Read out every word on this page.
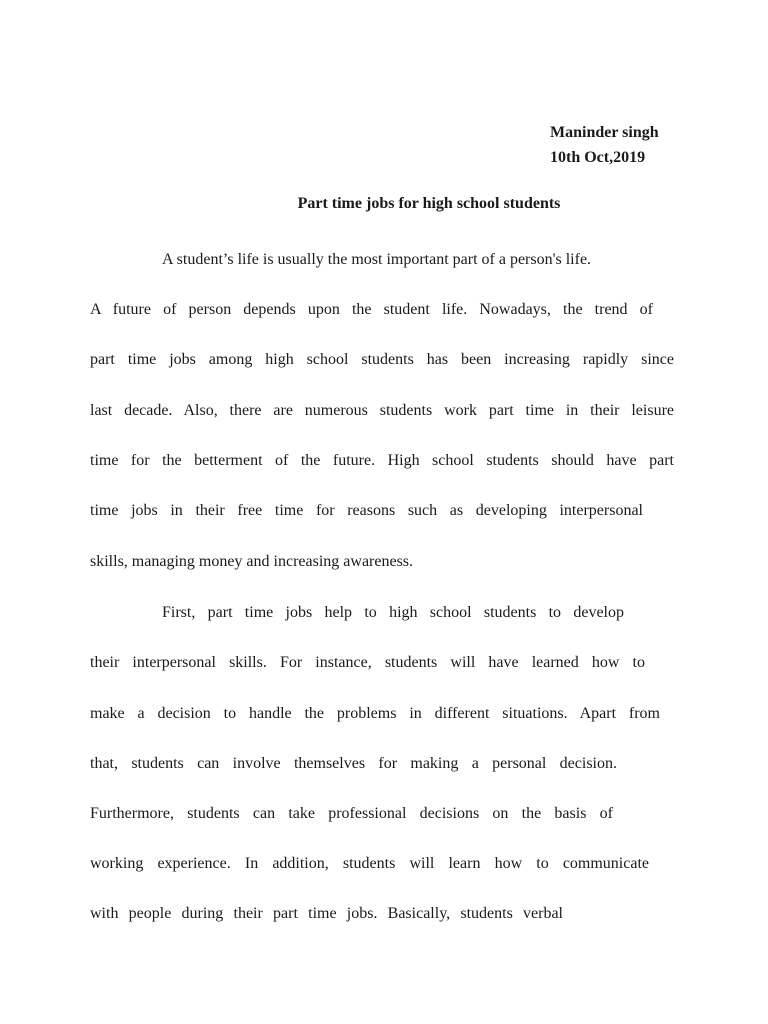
Maninder singh
10th Oct,2019
Part time jobs for high school students
A student’s life is usually the most important part of a person's life.
A future of person depends upon the student life. Nowadays, the trend of
part time jobs among high school students has been increasing rapidly since
last decade. Also, there are numerous students work part time in their leisure
time for the betterment of the future. High school students should have part
time jobs in their free time for reasons such as developing interpersonal
skills, managing money and increasing awareness.
First, part time jobs help to high school students to develop
their interpersonal skills. For instance, students will have learned how to
make a decision to handle the problems in different situations. Apart from
that, students can involve themselves for making a personal decision.
Furthermore, students can take professional decisions on the basis of
working experience. In addition, students will learn how to communicate
with people during their part time jobs. Basically, students verbal
